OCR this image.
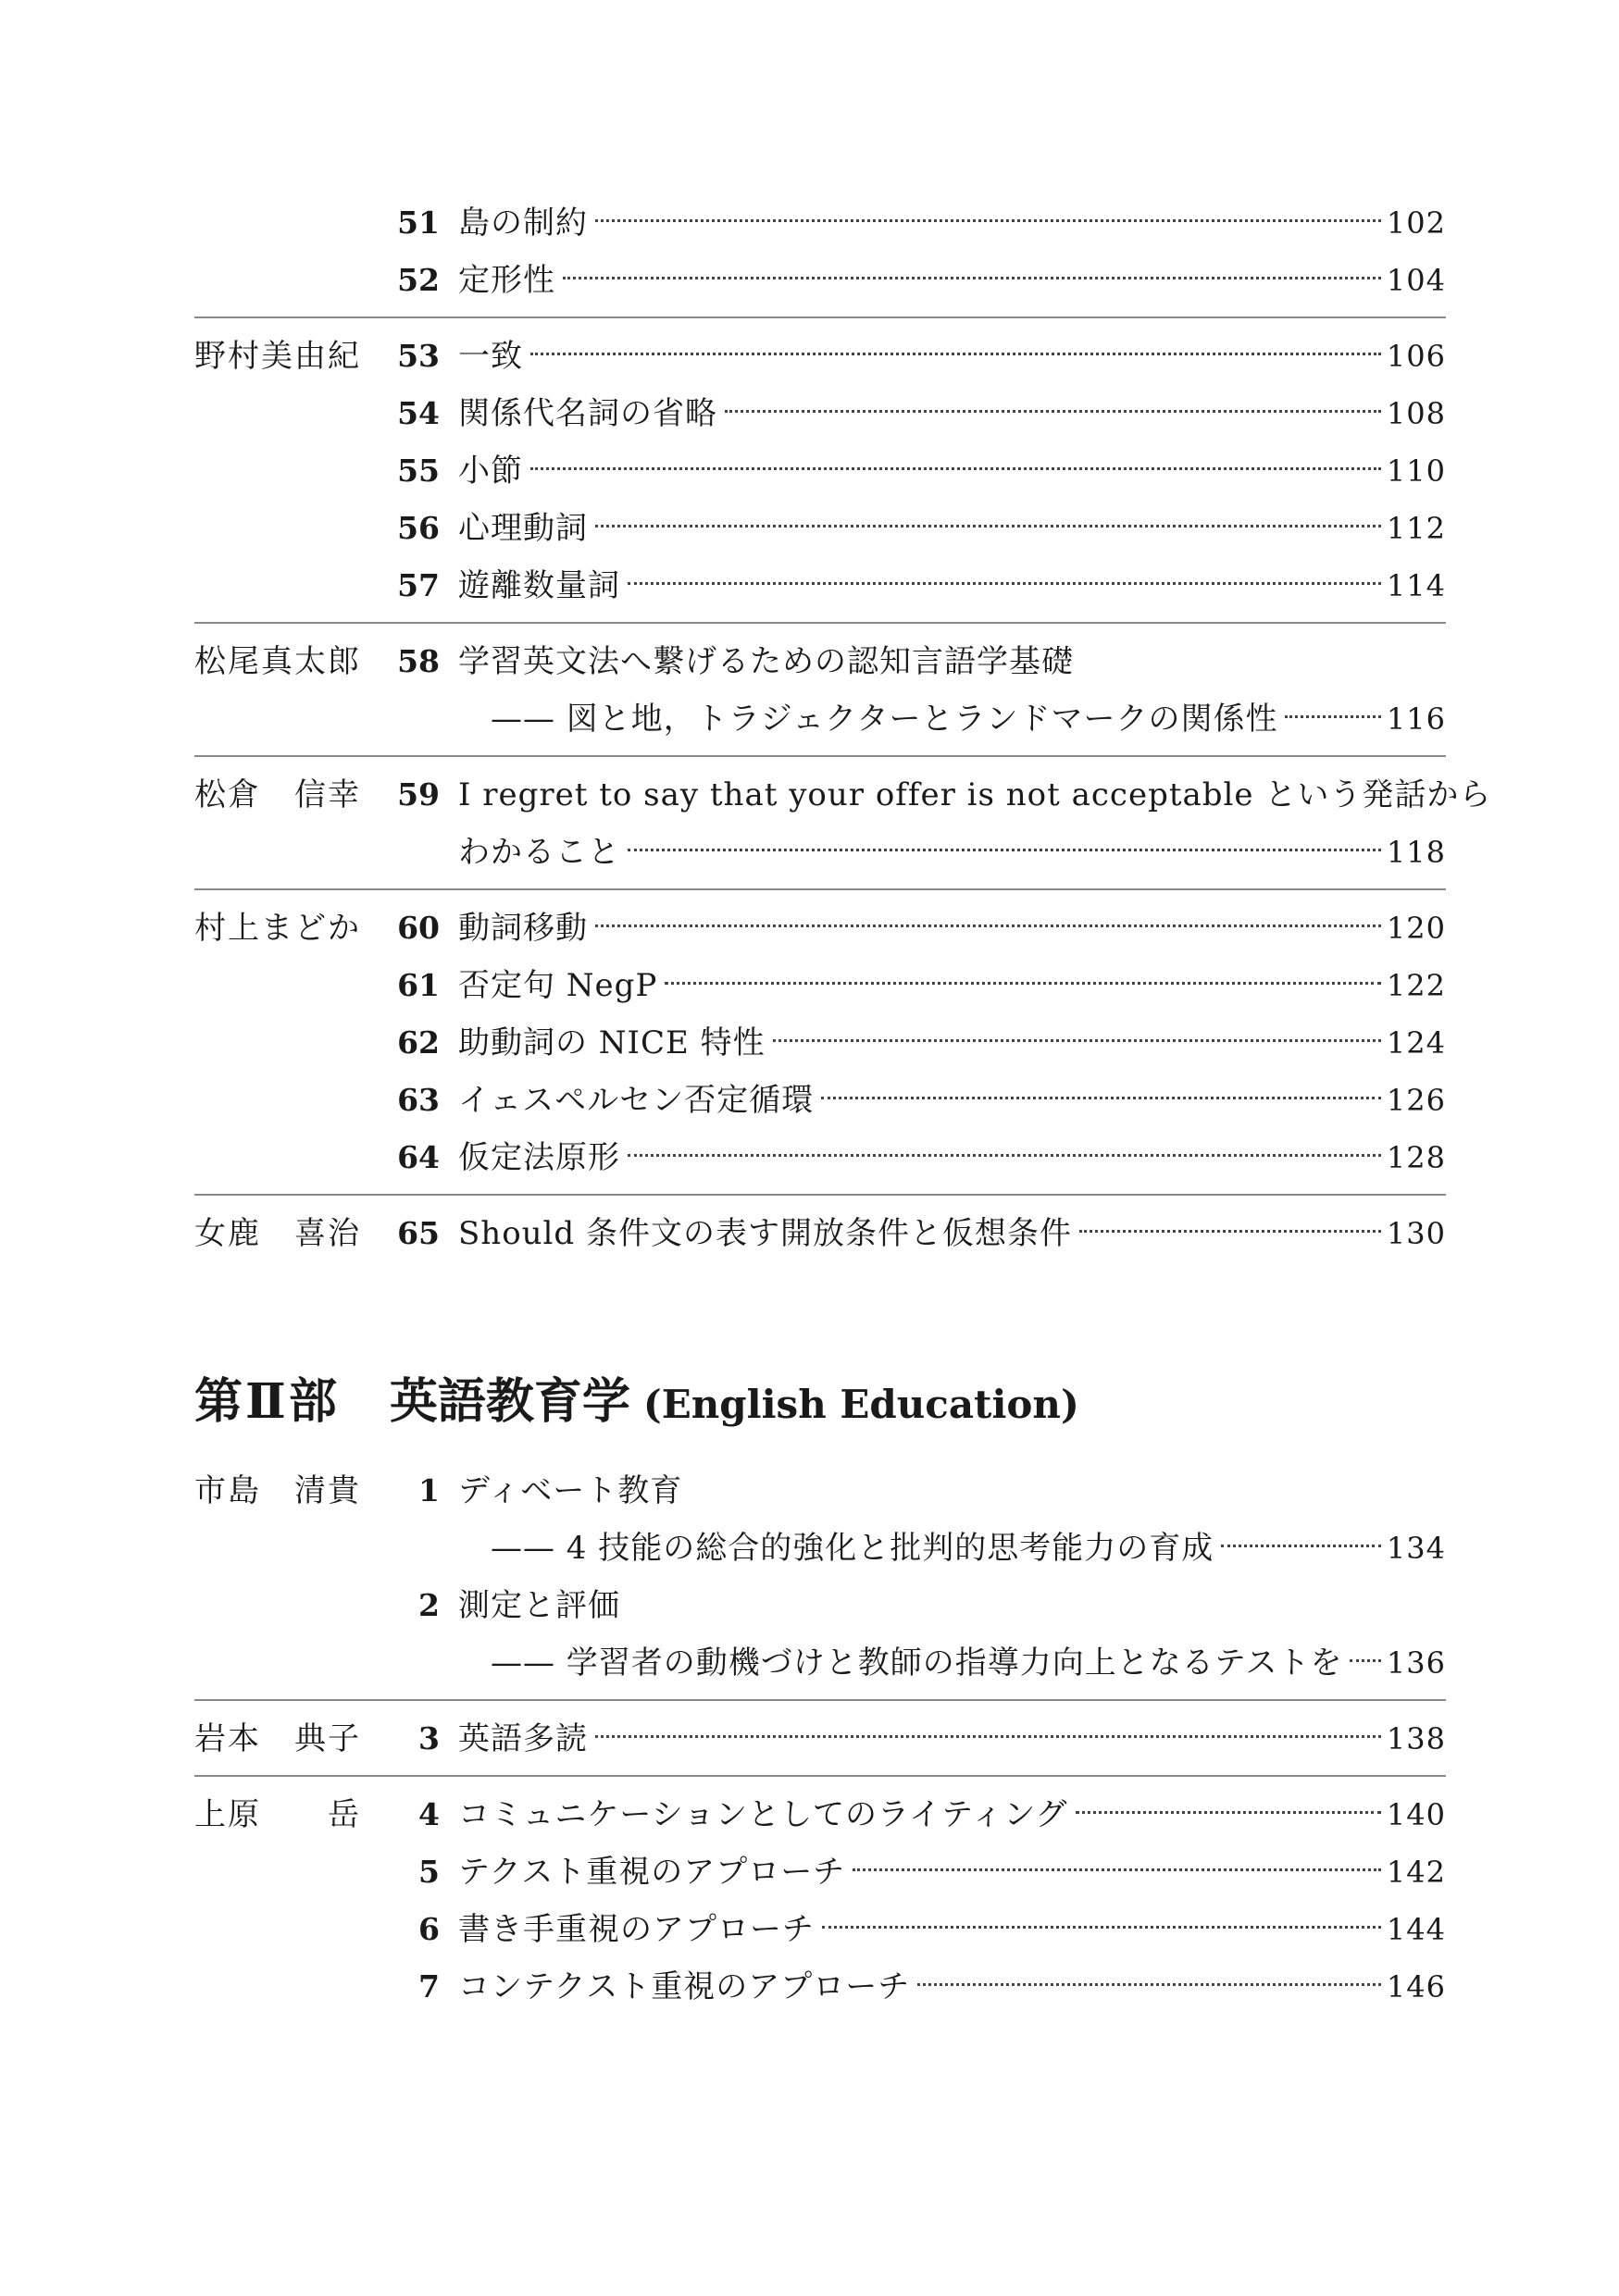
51 島の制約	102
52 定形性	104
野村美由紀	53 一致	106
54 関係代名詞の省略	108
55 小節	110
56 心理動詞	112
57 遊離数量詞	114
松尾真太郎	58 学習英文法へ繋げるための認知言語学基礎
—— 図と地，トラジェクターとランドマークの関係性	116
松倉　信幸	59 I regret to say that your offer is not acceptable という発話から
わかること	118
村上まどか	60 動詞移動	120
61 否定句 NegP	122
62 助動詞の NICE 特性	124
63 イェスペルセン否定循環	126
64 仮定法原形	128
女鹿　喜治	65 Should 条件文の表す開放条件と仮想条件	130
第Ⅱ部 英語教育学 (English Education)
市島　清貴	1 ディベート教育
—— 4 技能の総合的強化と批判的思考能力の育成	134
2 測定と評価
—— 学習者の動機づけと教師の指導力向上となるテストを 136
岩本　典子	3 英語多読	138
上原　　岳	4 コミュニケーションとしてのライティング	140
5 テクスト重視のアプローチ	142
6 書き手重視のアプローチ	144
7 コンテクスト重視のアプローチ	146
